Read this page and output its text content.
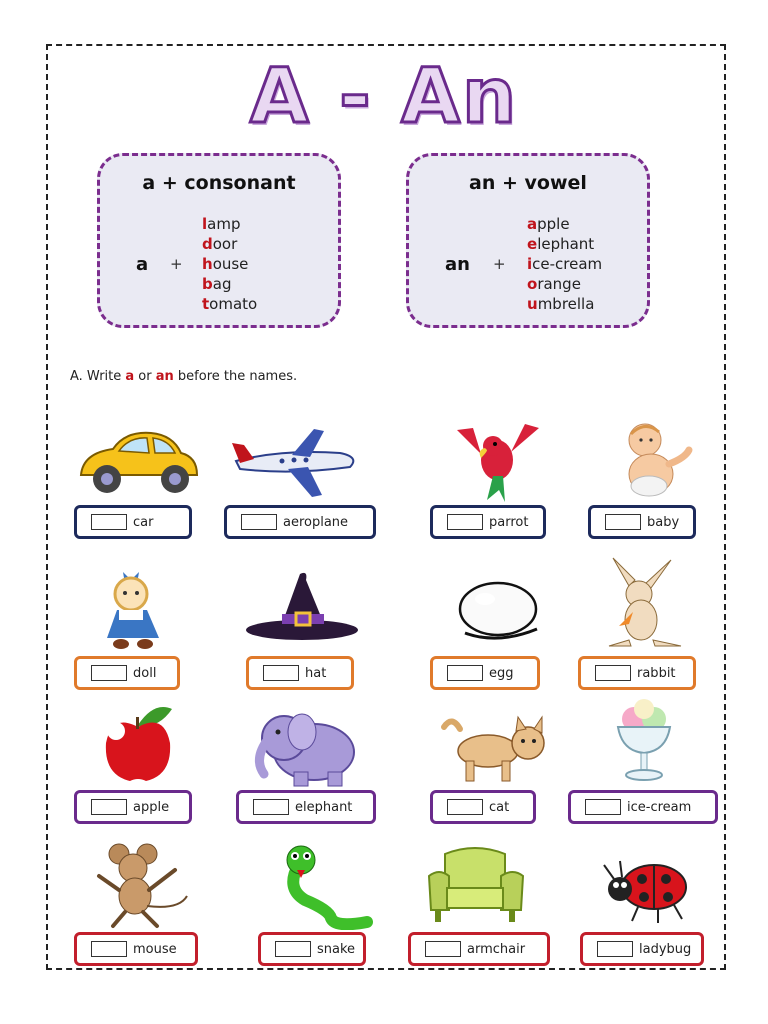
A - An
a + consonant
a +
lamp
door
house
bag
tomato
an + vowel
an +
apple
elephant
ice-cream
orange
umbrella
A. Write a or an before the names.
car	aeroplane	parrot	baby
doll	hat	egg	rabbit
apple	elephant	cat	ice-cream
mouse	snake	armchair	ladybug
